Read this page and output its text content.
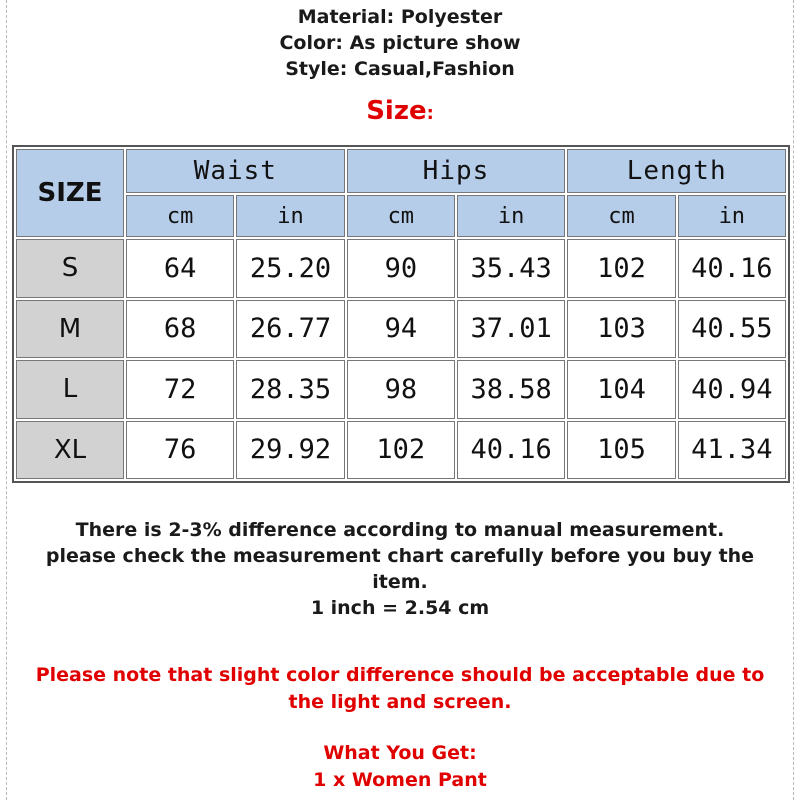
Material: Polyester
Color: As picture show
Style: Casual,Fashion
Size:
SIZE	Waist		Hips		Length	
	cm	in	cm	in	cm	in
S	64	25.20	90	35.43	102	40.16
M	68	26.77	94	37.01	103	40.55
L	72	28.35	98	38.58	104	40.94
XL	76	29.92	102	40.16	105	41.34
There is 2-3% difference according to manual measurement.
please check the measurement chart carefully before you buy the
item.
1 inch = 2.54 cm
Please note that slight color difference should be acceptable due to
the light and screen.
What You Get:
1 x Women Pant
